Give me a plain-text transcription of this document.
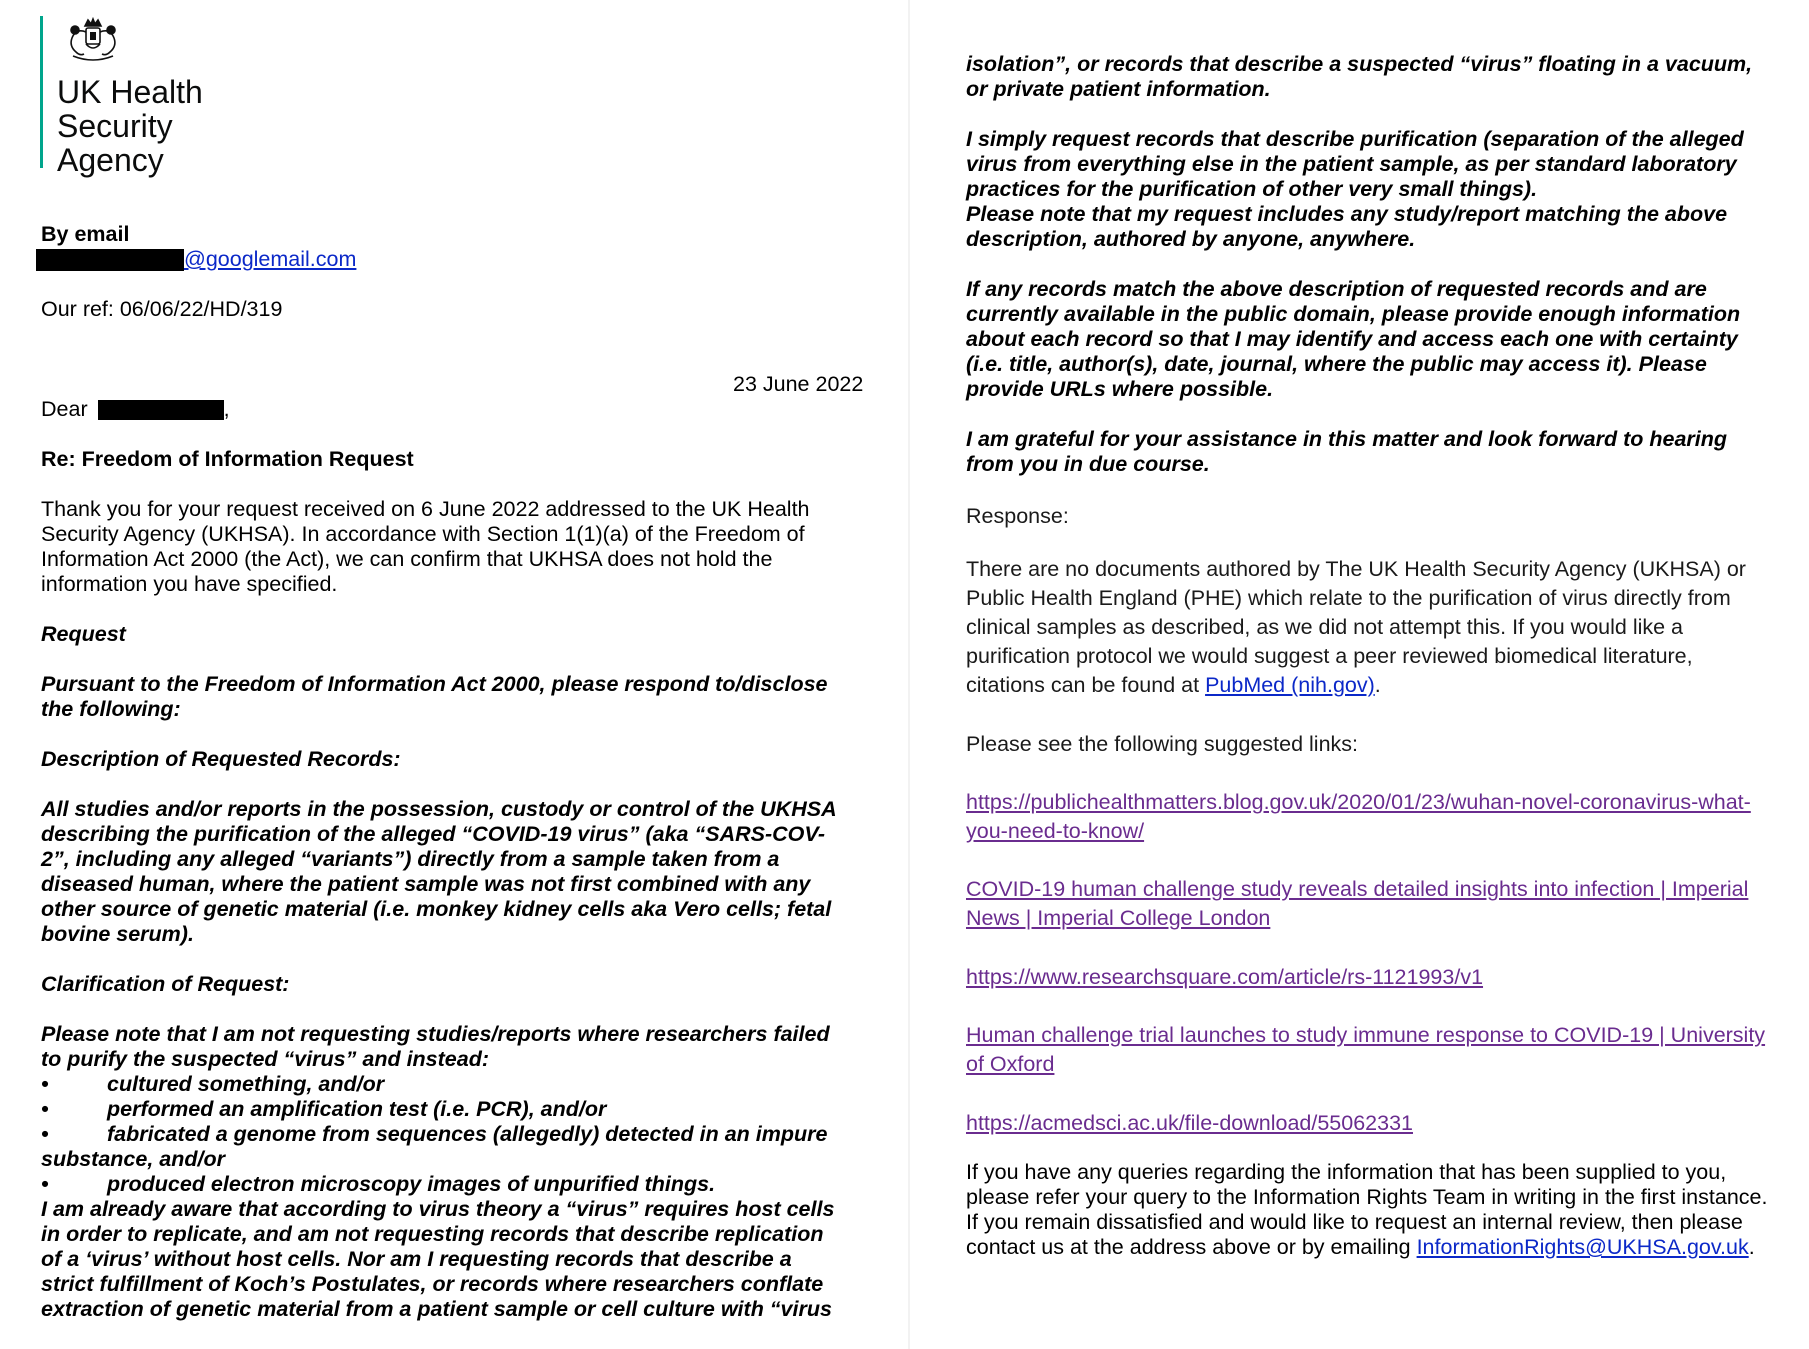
UK Health
Security
Agency
By email
@googlemail.com
Our ref: 06/06/22/HD/319
23 June 2022
Dear	,
Re: Freedom of Information Request
Thank you for your request received on 6 June 2022 addressed to the UK Health
Security Agency (UKHSA). In accordance with Section 1(1)(a) of the Freedom of
Information Act 2000 (the Act), we can confirm that UKHSA does not hold the
information you have specified.
Request
Pursuant to the Freedom of Information Act 2000, please respond to/disclose
the following:
Description of Requested Records:
All studies and/or reports in the possession, custody or control of the UKHSA
describing the purification of the alleged “COVID-19 virus” (aka “SARS-COV-
2”, including any alleged “variants”) directly from a sample taken from a
diseased human, where the patient sample was not first combined with any
other source of genetic material (i.e. monkey kidney cells aka Vero cells; fetal
bovine serum).
Clarification of Request:
Please note that I am not requesting studies/reports where researchers failed
to purify the suspected “virus” and instead:
•	cultured something, and/or
•	performed an amplification test (i.e. PCR), and/or
•	fabricated a genome from sequences (allegedly) detected in an impure
substance, and/or
•	produced electron microscopy images of unpurified things.
I am already aware that according to virus theory a “virus” requires host cells
in order to replicate, and am not requesting records that describe replication
of a ‘virus’ without host cells. Nor am I requesting records that describe a
strict fulfillment of Koch’s Postulates, or records where researchers conflate
extraction of genetic material from a patient sample or cell culture with “virus
isolation”, or records that describe a suspected “virus” floating in a vacuum,
or private patient information.
I simply request records that describe purification (separation of the alleged
virus from everything else in the patient sample, as per standard laboratory
practices for the purification of other very small things).
Please note that my request includes any study/report matching the above
description, authored by anyone, anywhere.
If any records match the above description of requested records and are
currently available in the public domain, please provide enough information
about each record so that I may identify and access each one with certainty
(i.e. title, author(s), date, journal, where the public may access it). Please
provide URLs where possible.
I am grateful for your assistance in this matter and look forward to hearing
from you in due course.
Response:
There are no documents authored by The UK Health Security Agency (UKHSA) or
Public Health England (PHE) which relate to the purification of virus directly from
clinical samples as described, as we did not attempt this. If you would like a
purification protocol we would suggest a peer reviewed biomedical literature,
citations can be found at PubMed (nih.gov).
Please see the following suggested links:
https://publichealthmatters.blog.gov.uk/2020/01/23/wuhan-novel-coronavirus-what-
you-need-to-know/
COVID-19 human challenge study reveals detailed insights into infection | Imperial
News | Imperial College London
https://www.researchsquare.com/article/rs-1121993/v1
Human challenge trial launches to study immune response to COVID-19 | University
of Oxford
https://acmedsci.ac.uk/file-download/55062331
If you have any queries regarding the information that has been supplied to you,
please refer your query to the Information Rights Team in writing in the first instance.
If you remain dissatisfied and would like to request an internal review, then please
contact us at the address above or by emailing InformationRights@UKHSA.gov.uk.
